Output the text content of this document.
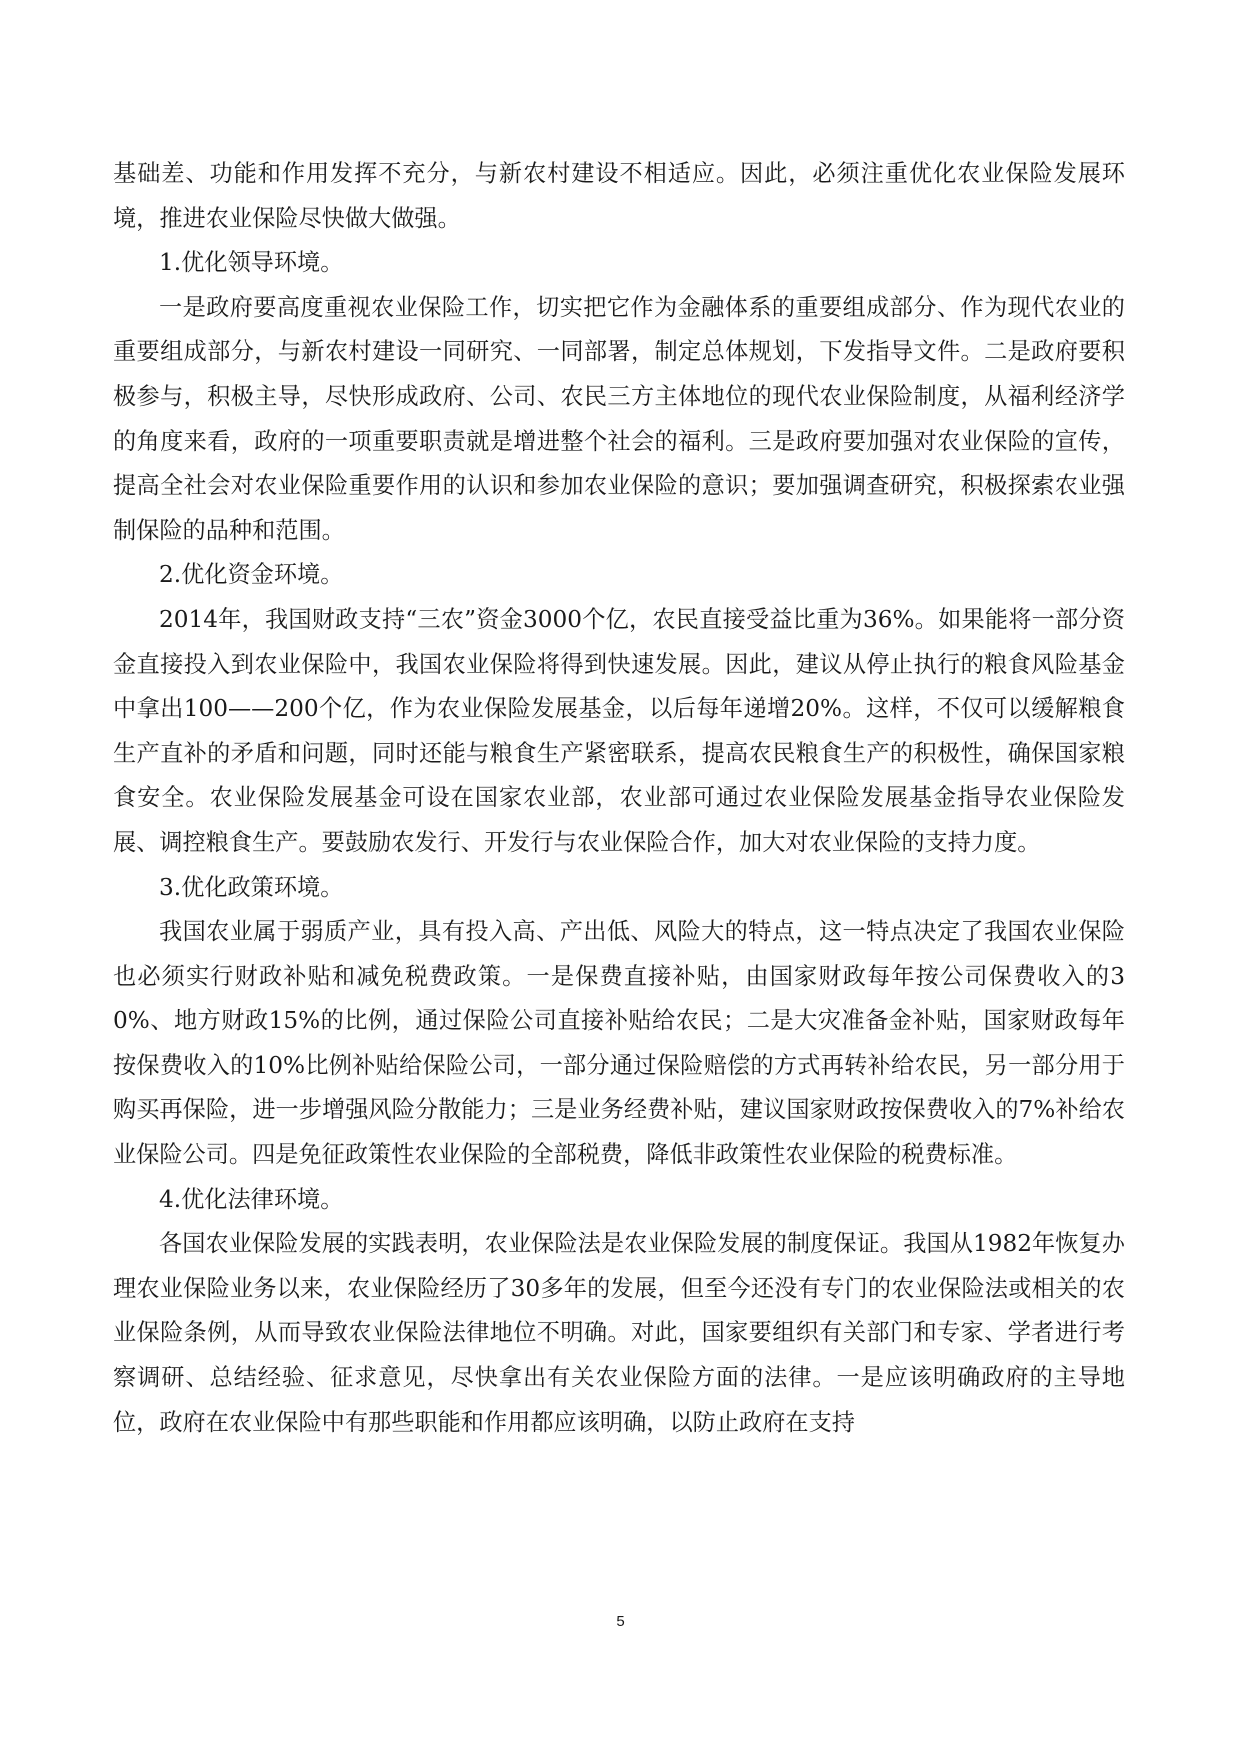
基础差、功能和作用发挥不充分，与新农村建设不相适应。因此，必须注重优化农业保险发展环境，推进农业保险尽快做大做强。

1.优化领导环境。

一是政府要高度重视农业保险工作，切实把它作为金融体系的重要组成部分、作为现代农业的重要组成部分，与新农村建设一同研究、一同部署，制定总体规划，下发指导文件。二是政府要积极参与，积极主导，尽快形成政府、公司、农民三方主体地位的现代农业保险制度，从福利经济学的角度来看，政府的一项重要职责就是增进整个社会的福利。三是政府要加强对农业保险的宣传，提高全社会对农业保险重要作用的认识和参加农业保险的意识；要加强调查研究，积极探索农业强制保险的品种和范围。

2.优化资金环境。

2014年，我国财政支持“三农”资金3000个亿，农民直接受益比重为36%。如果能将一部分资金直接投入到农业保险中，我国农业保险将得到快速发展。因此，建议从停止执行的粮食风险基金中拿出100——200个亿，作为农业保险发展基金，以后每年递增20%。这样，不仅可以缓解粮食生产直补的矛盾和问题，同时还能与粮食生产紧密联系，提高农民粮食生产的积极性，确保国家粮食安全。农业保险发展基金可设在国家农业部，农业部可通过农业保险发展基金指导农业保险发展、调控粮食生产。要鼓励农发行、开发行与农业保险合作，加大对农业保险的支持力度。

3.优化政策环境。

我国农业属于弱质产业，具有投入高、产出低、风险大的特点，这一特点决定了我国农业保险也必须实行财政补贴和减免税费政策。一是保费直接补贴，由国家财政每年按公司保费收入的30%、地方财政15%的比例，通过保险公司直接补贴给农民；二是大灾准备金补贴，国家财政每年按保费收入的10%比例补贴给保险公司，一部分通过保险赔偿的方式再转补给农民，另一部分用于购买再保险，进一步增强风险分散能力；三是业务经费补贴，建议国家财政按保费收入的7%补给农业保险公司。四是免征政策性农业保险的全部税费，降低非政策性农业保险的税费标准。

4.优化法律环境。

各国农业保险发展的实践表明，农业保险法是农业保险发展的制度保证。我国从1982年恢复办理农业保险业务以来，农业保险经历了30多年的发展，但至今还没有专门的农业保险法或相关的农业保险条例，从而导致农业保险法律地位不明确。对此，国家要组织有关部门和专家、学者进行考察调研、总结经验、征求意见，尽快拿出有关农业保险方面的法律。一是应该明确政府的主导地位，政府在农业保险中有那些职能和作用都应该明确，以防止政府在支持

5
